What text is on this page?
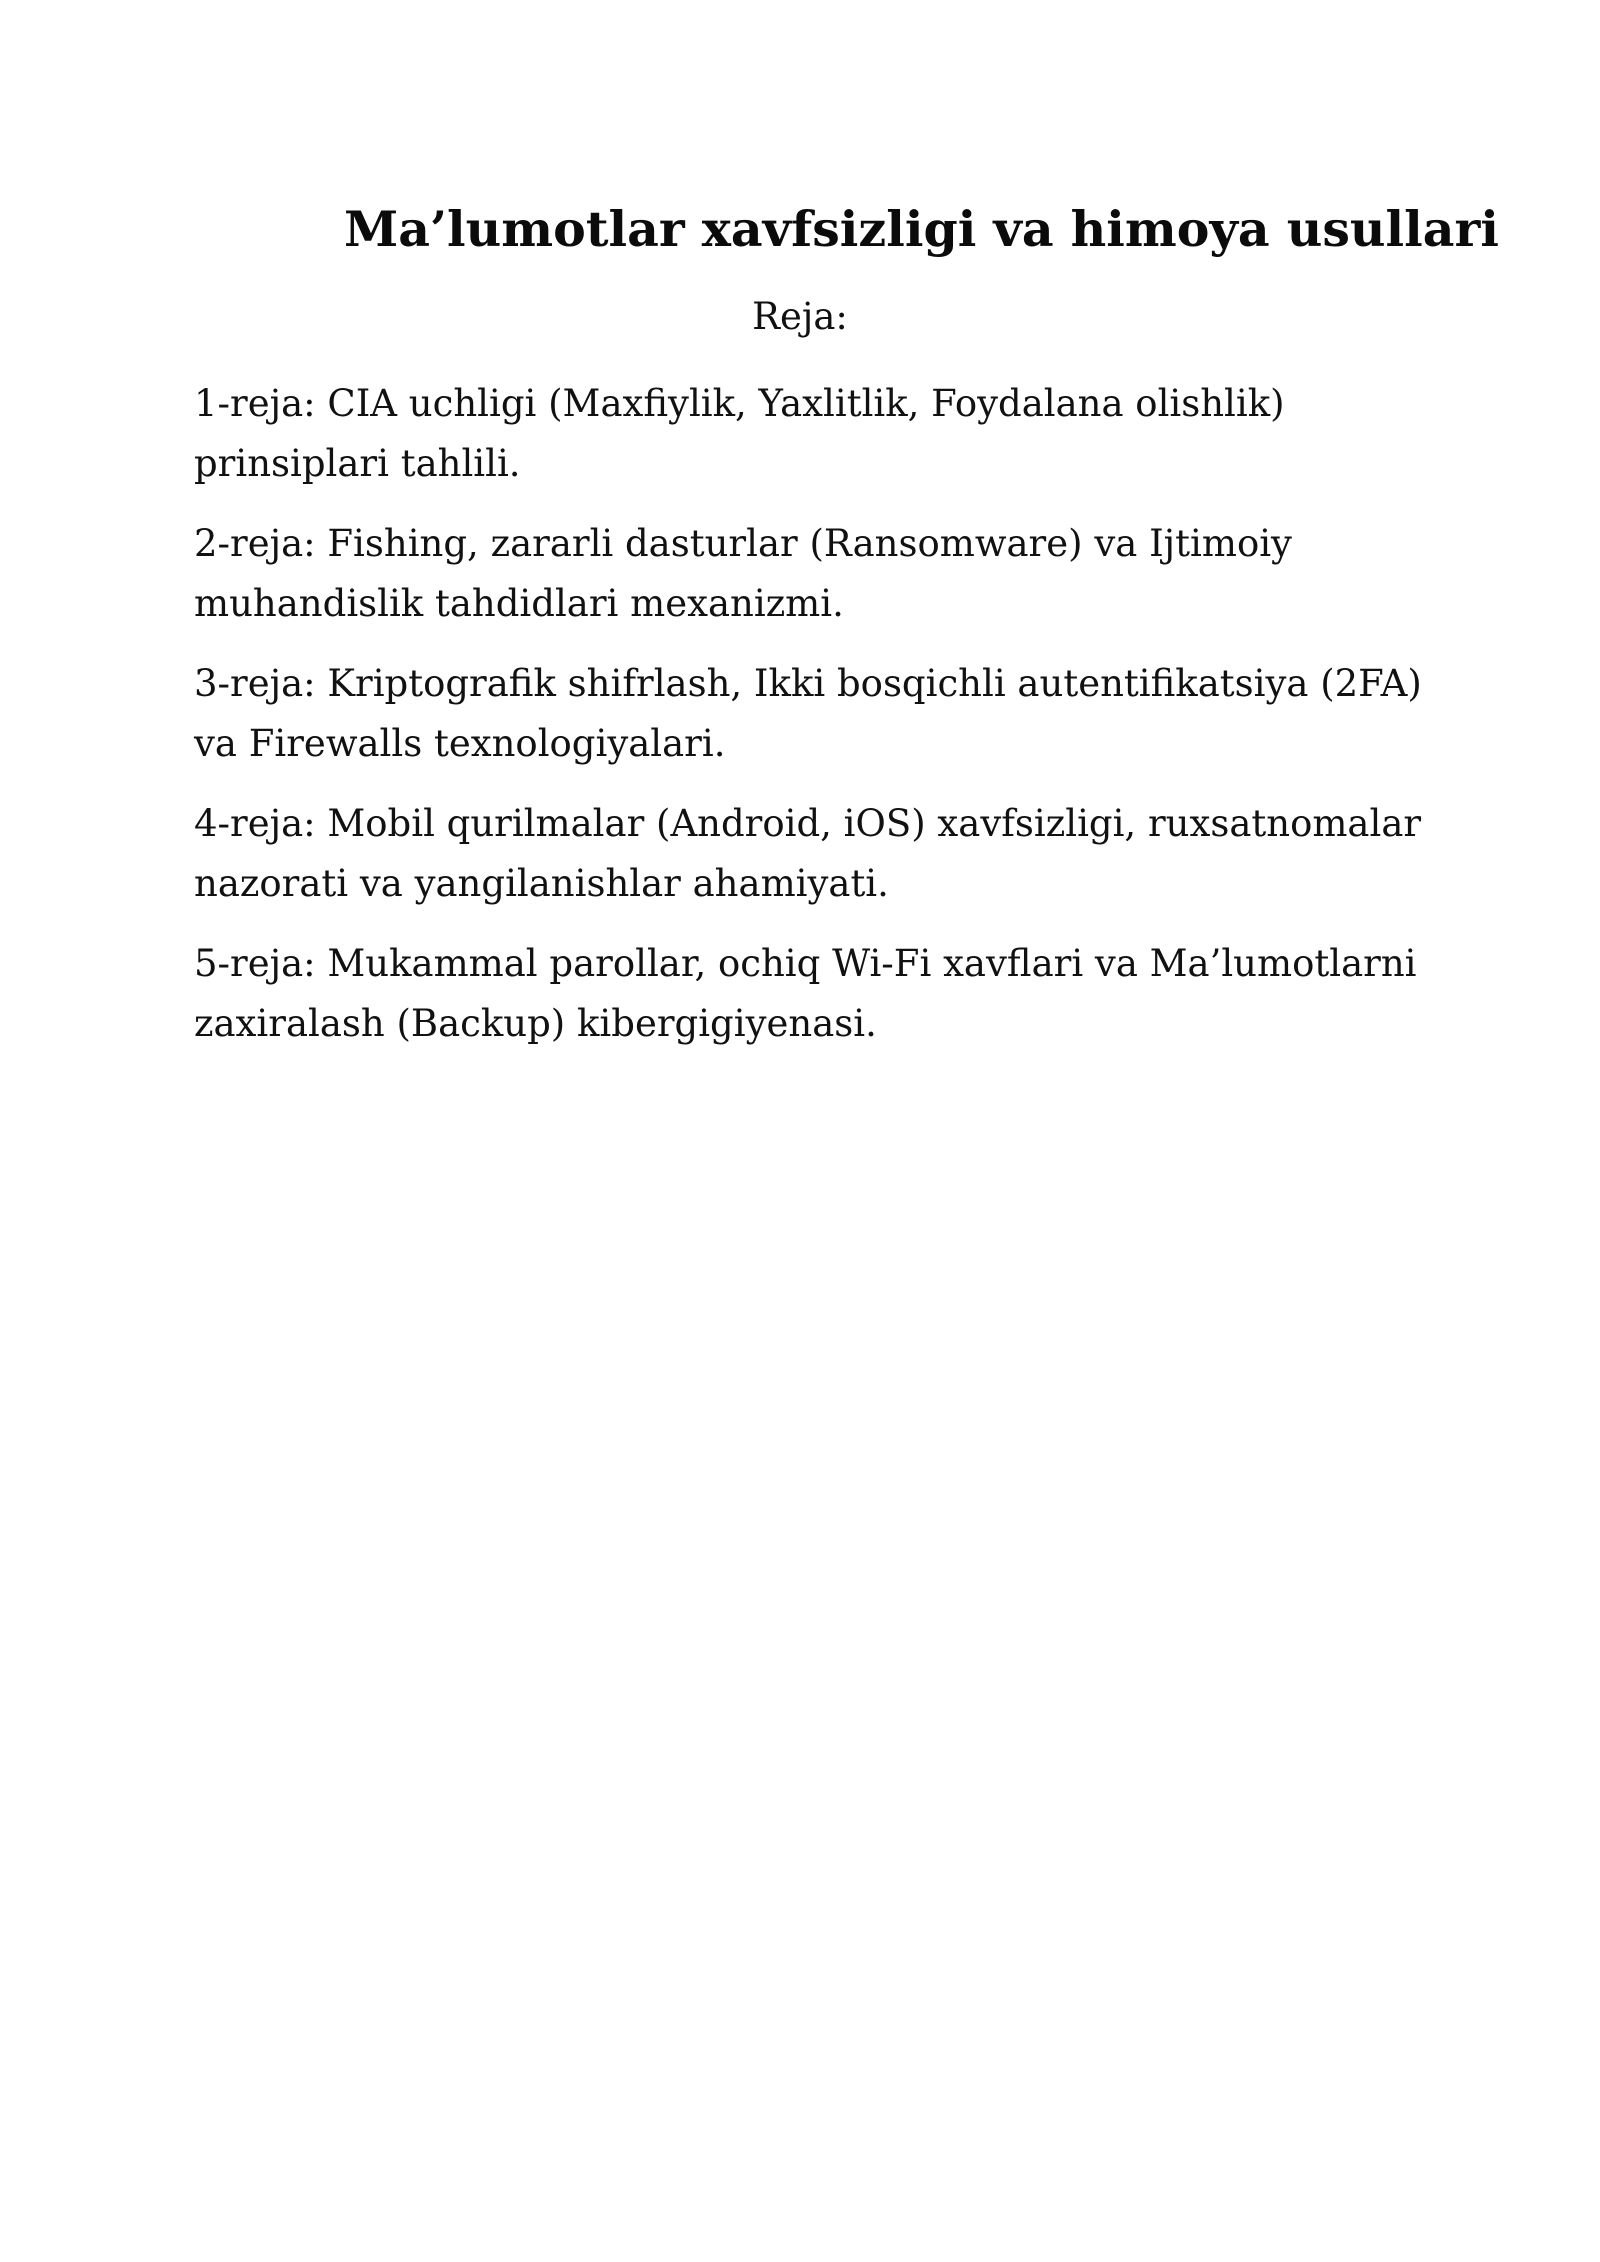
Ma’lumotlar xavfsizligi va himoya usullari

Reja:

1-reja: CIA uchligi (Maxfiylik, Yaxlitlik, Foydalana olishlik)
prinsiplari tahlili.
2-reja: Fishing, zararli dasturlar (Ransomware) va Ijtimoiy
muhandislik tahdidlari mexanizmi.
3-reja: Kriptografik shifrlash, Ikki bosqichli autentifikatsiya (2FA)
va Firewalls texnologiyalari.
4-reja: Mobil qurilmalar (Android, iOS) xavfsizligi, ruxsatnomalar
nazorati va yangilanishlar ahamiyati.
5-reja: Mukammal parollar, ochiq Wi-Fi xavflari va Ma’lumotlarni
zaxiralash (Backup) kibergigiyenasi.
